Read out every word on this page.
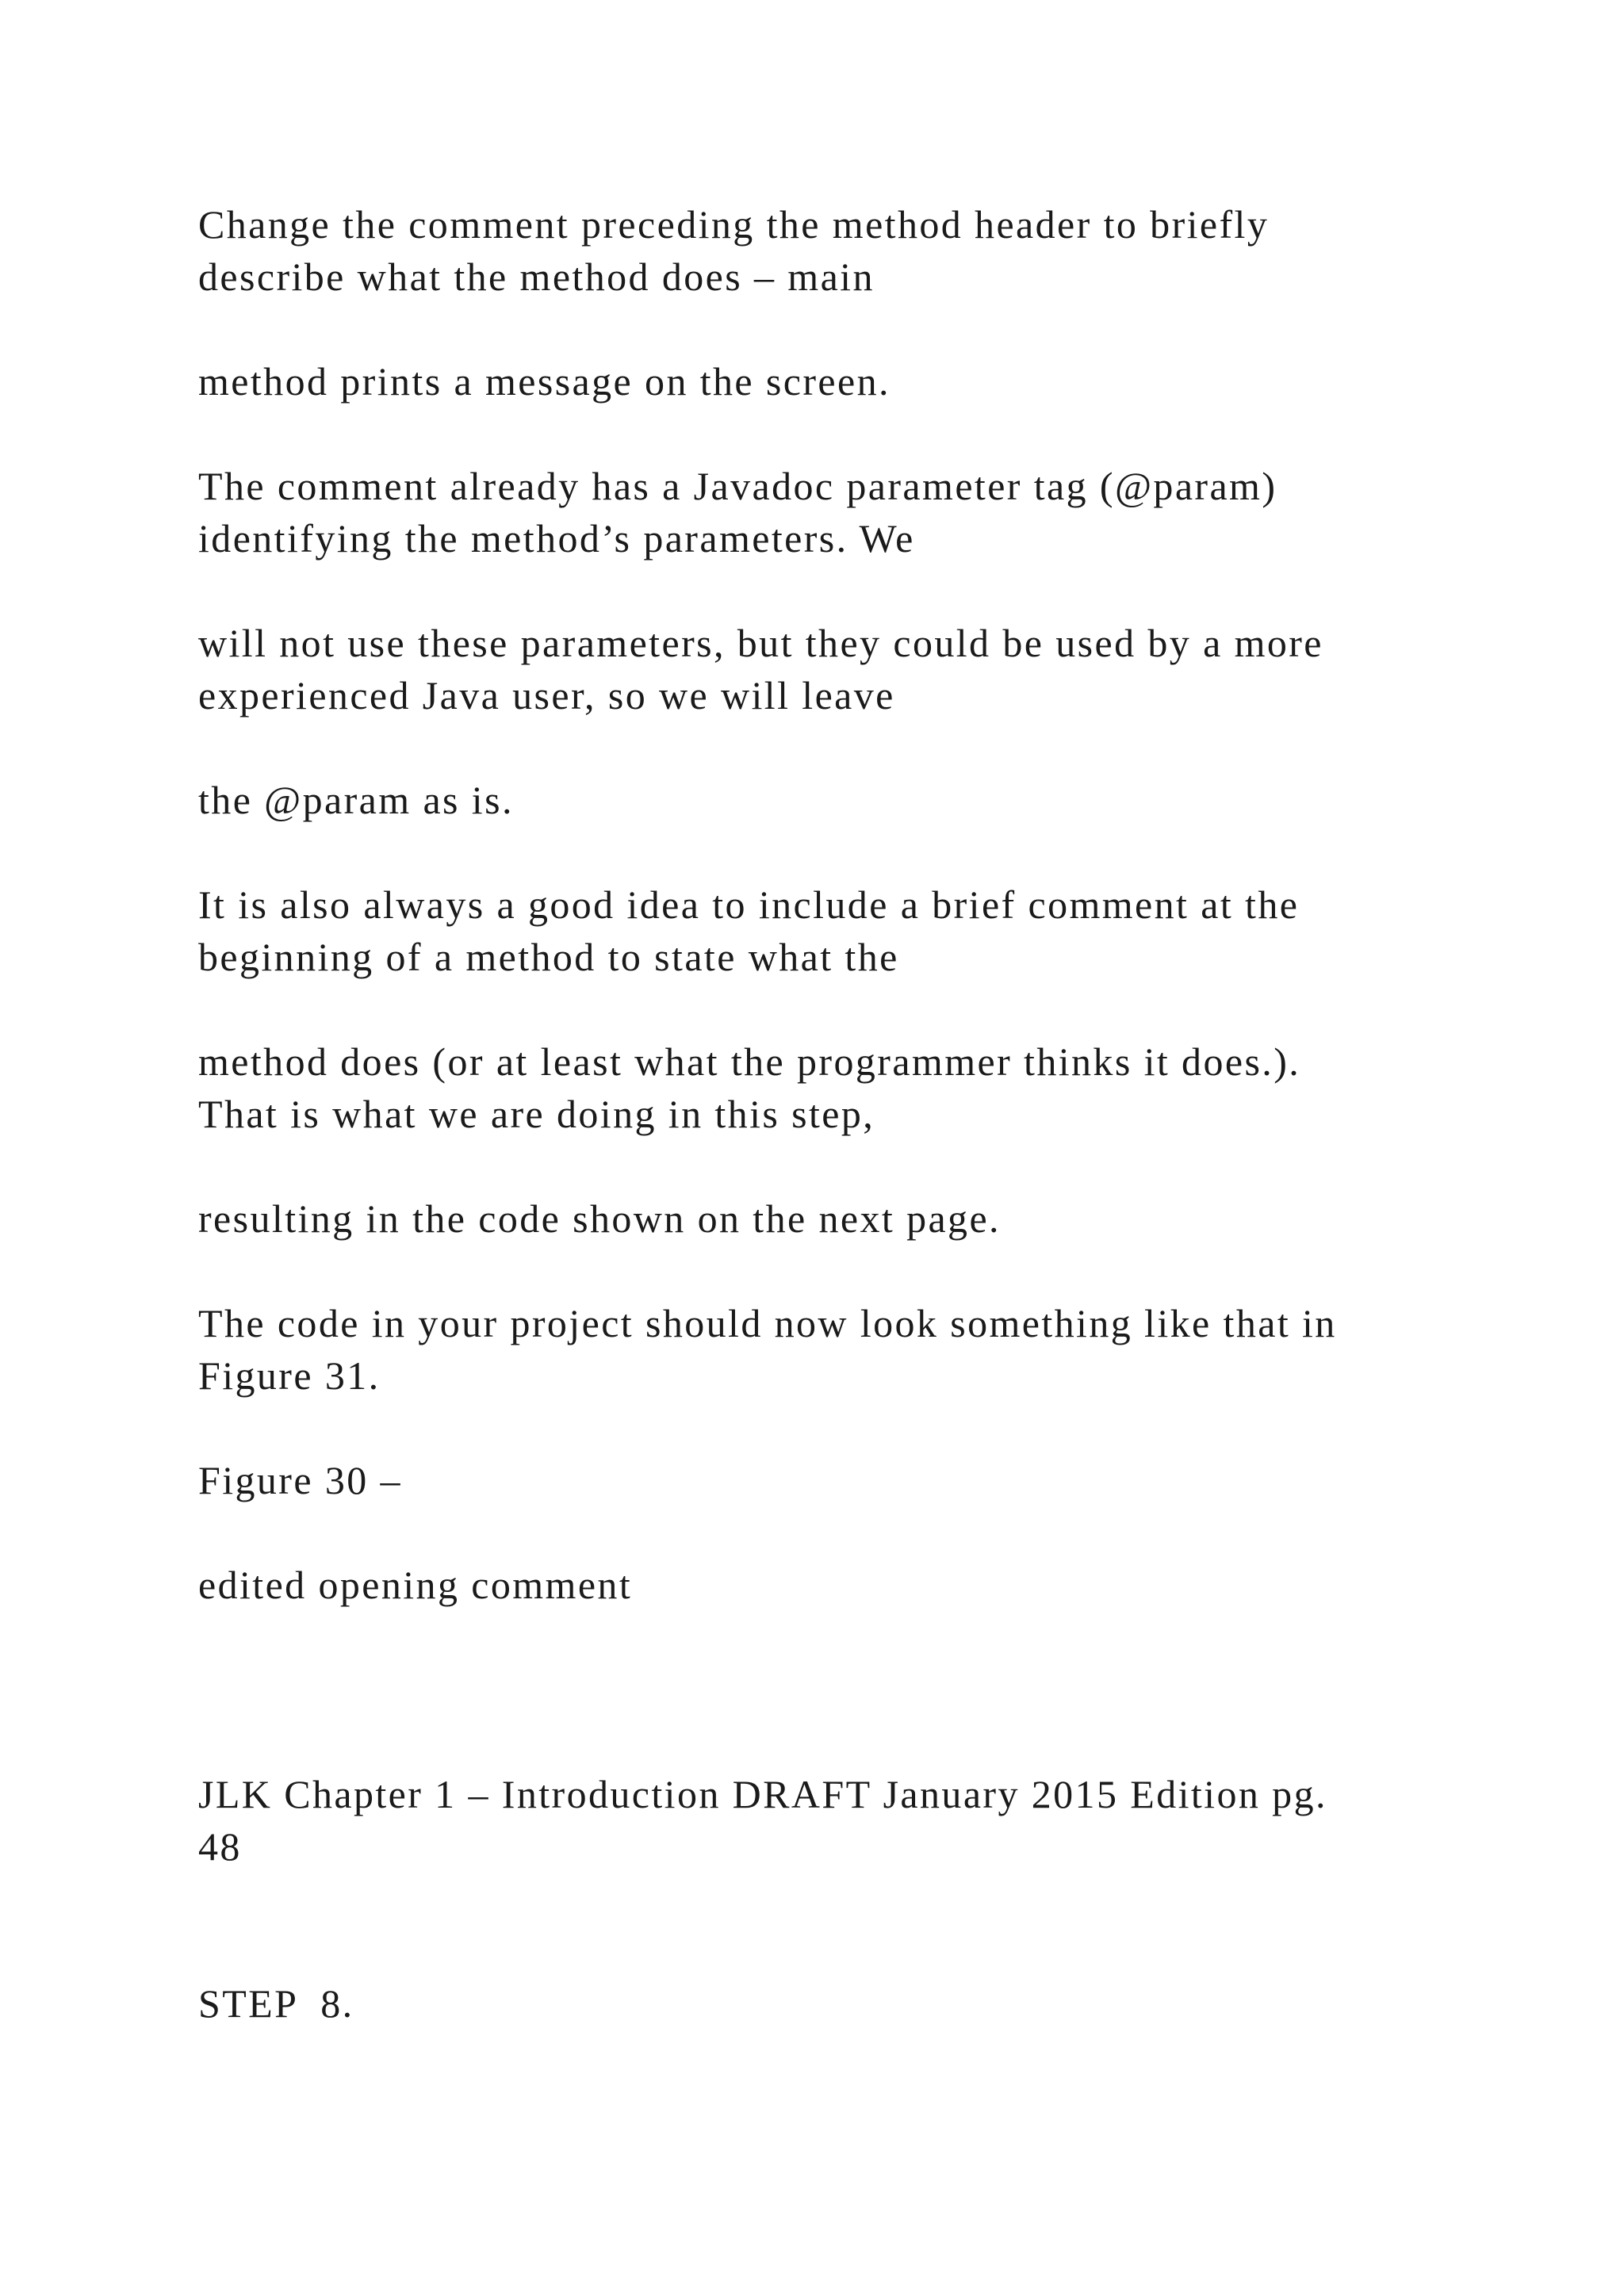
Change the comment preceding the method header to briefly
describe what the method does – main

method prints a message on the screen.

The comment already has a Javadoc parameter tag (@param)
identifying the method’s parameters. We

will not use these parameters, but they could be used by a more
experienced Java user, so we will leave

the @param as is.

It is also always a good idea to include a brief comment at the
beginning of a method to state what the

method does (or at least what the programmer thinks it does.).
That is what we are doing in this step,

resulting in the code shown on the next page.

The code in your project should now look something like that in
Figure 31.

Figure 30 –

edited opening comment

JLK Chapter 1 – Introduction DRAFT January 2015 Edition pg.
48

STEP  8.
